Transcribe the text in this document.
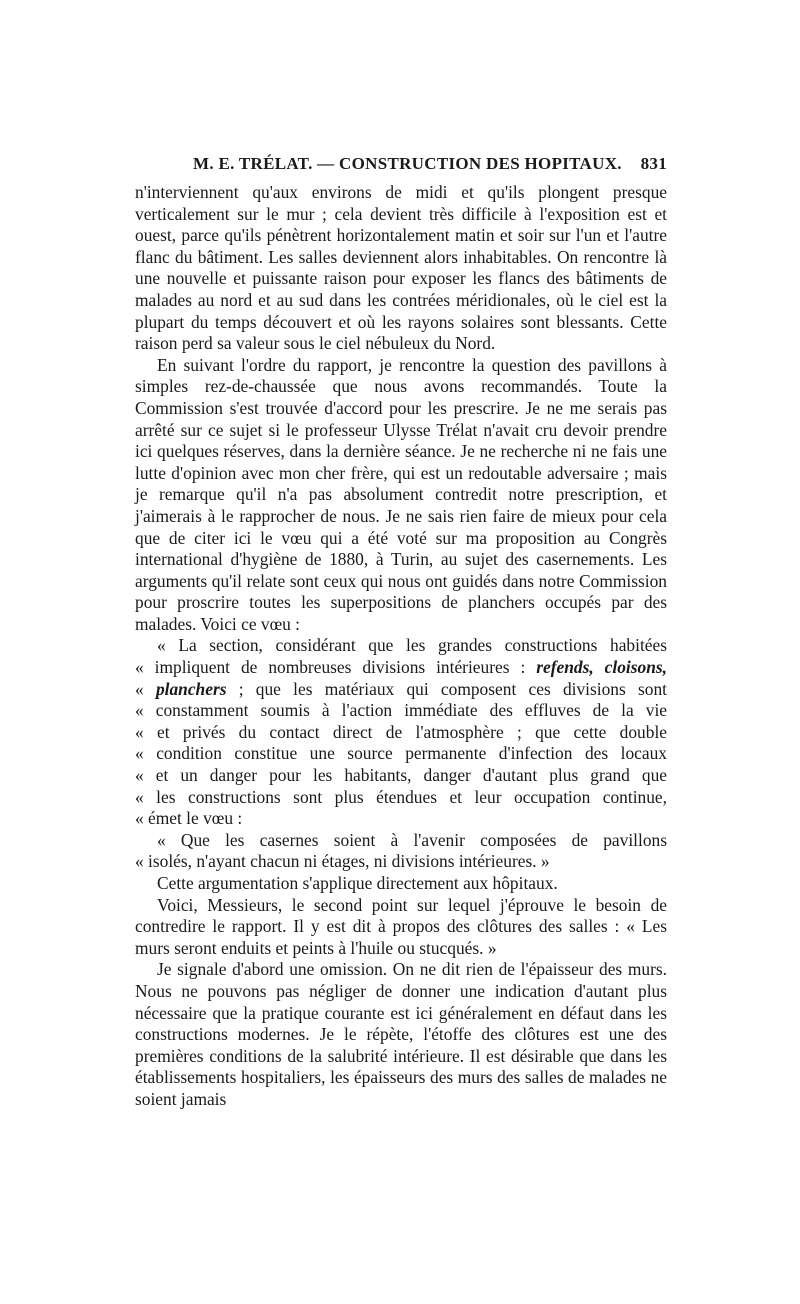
M. E. TRÉLAT. — CONSTRUCTION DES HOPITAUX. 831

n'interviennent qu'aux environs de midi et qu'ils plongent presque verticalement sur le mur ; cela devient très difficile à l'exposition est et ouest, parce qu'ils pénètrent horizontalement matin et soir sur l'un et l'autre flanc du bâtiment. Les salles deviennent alors inhabitables. On rencontre là une nouvelle et puissante raison pour exposer les flancs des bâtiments de malades au nord et au sud dans les contrées méridionales, où le ciel est la plupart du temps découvert et où les rayons solaires sont blessants. Cette raison perd sa valeur sous le ciel nébuleux du Nord.

En suivant l'ordre du rapport, je rencontre la question des pavillons à simples rez-de-chaussée que nous avons recommandés. Toute la Commission s'est trouvée d'accord pour les prescrire. Je ne me serais pas arrêté sur ce sujet si le professeur Ulysse Trélat n'avait cru devoir prendre ici quelques réserves, dans la dernière séance. Je ne recherche ni ne fais une lutte d'opinion avec mon cher frère, qui est un redoutable adversaire ; mais je remarque qu'il n'a pas absolument contredit notre prescription, et j'aimerais à le rapprocher de nous. Je ne sais rien faire de mieux pour cela que de citer ici le vœu qui a été voté sur ma proposition au Congrès international d'hygiène de 1880, à Turin, au sujet des casernements. Les arguments qu'il relate sont ceux qui nous ont guidés dans notre Commission pour proscrire toutes les superpositions de planchers occupés par des malades. Voici ce vœu :

« La section, considérant que les grandes constructions habitées
« impliquent de nombreuses divisions intérieures : refends, cloisons,
« planchers ; que les matériaux qui composent ces divisions sont
« constamment soumis à l'action immédiate des effluves de la vie
« et privés du contact direct de l'atmosphère ; que cette double
« condition constitue une source permanente d'infection des locaux
« et un danger pour les habitants, danger d'autant plus grand que
« les constructions sont plus étendues et leur occupation continue,
« émet le vœu :
« Que les casernes soient à l'avenir composées de pavillons
« isolés, n'ayant chacun ni étages, ni divisions intérieures. »

Cette argumentation s'applique directement aux hôpitaux.

Voici, Messieurs, le second point sur lequel j'éprouve le besoin de contredire le rapport. Il y est dit à propos des clôtures des salles : « Les murs seront enduits et peints à l'huile ou stucqués. »

Je signale d'abord une omission. On ne dit rien de l'épaisseur des murs. Nous ne pouvons pas négliger de donner une indication d'autant plus nécessaire que la pratique courante est ici généralement en défaut dans les constructions modernes. Je le répète, l'étoffe des clôtures est une des premières conditions de la salubrité intérieure. Il est désirable que dans les établissements hospitaliers, les épaisseurs des murs des salles de malades ne soient jamais
